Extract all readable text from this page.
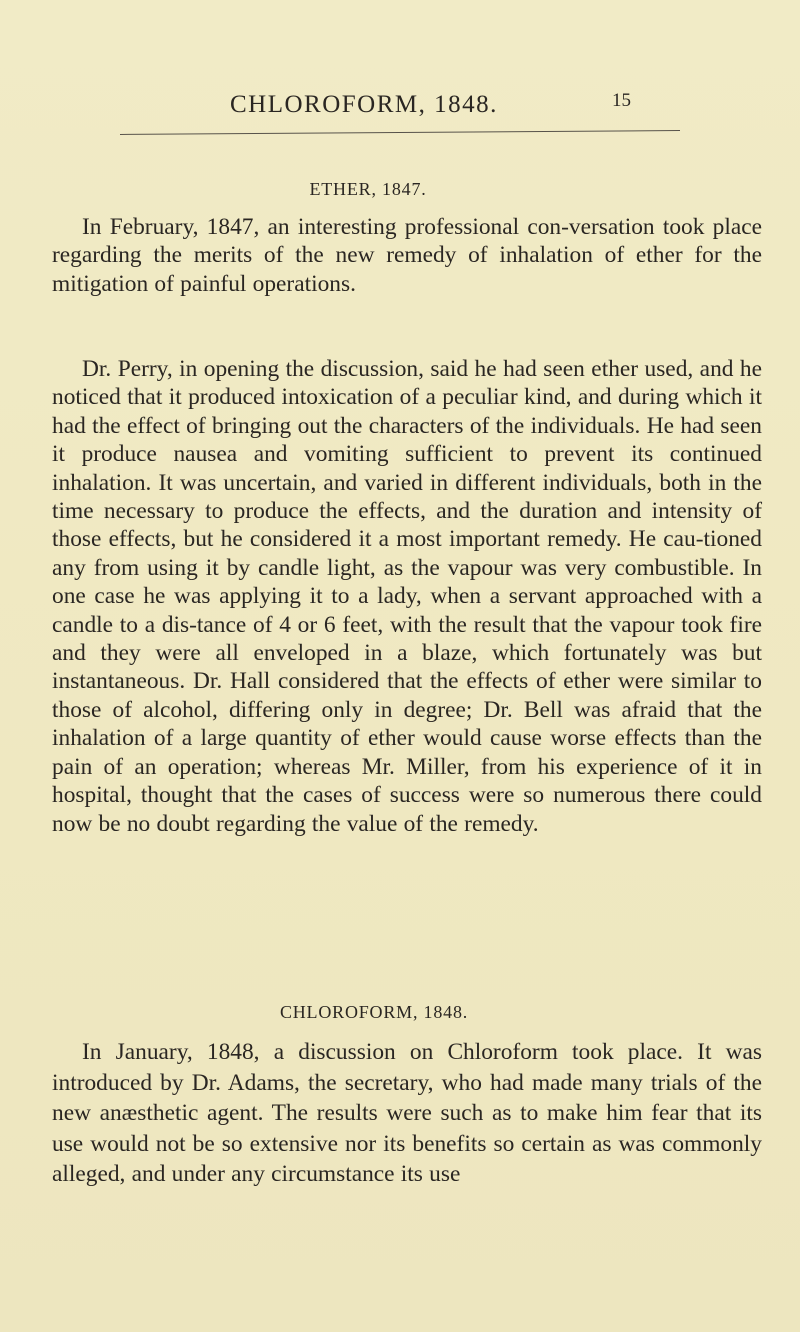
CHLOROFORM, 1848.	15
ETHER, 1847.
In February, 1847, an interesting professional con-versation took place regarding the merits of the new remedy of inhalation of ether for the mitigation of painful operations.
Dr. Perry, in opening the discussion, said he had seen ether used, and he noticed that it produced intoxication of a peculiar kind, and during which it had the effect of bringing out the characters of the individuals. He had seen it produce nausea and vomiting sufficient to prevent its continued inhalation. It was uncertain, and varied in different individuals, both in the time necessary to produce the effects, and the duration and intensity of those effects, but he considered it a most important remedy. He cau-tioned any from using it by candle light, as the vapour was very combustible. In one case he was applying it to a lady, when a servant approached with a candle to a dis-tance of 4 or 6 feet, with the result that the vapour took fire and they were all enveloped in a blaze, which fortunately was but instantaneous. Dr. Hall considered that the effects of ether were similar to those of alcohol, differing only in degree; Dr. Bell was afraid that the inhalation of a large quantity of ether would cause worse effects than the pain of an operation; whereas Mr. Miller, from his experience of it in hospital, thought that the cases of success were so numerous there could now be no doubt regarding the value of the remedy.
CHLOROFORM, 1848.
In January, 1848, a discussion on Chloroform took place. It was introduced by Dr. Adams, the secretary, who had made many trials of the new anæsthetic agent. The results were such as to make him fear that its use would not be so extensive nor its benefits so certain as was commonly alleged, and under any circumstance its use
